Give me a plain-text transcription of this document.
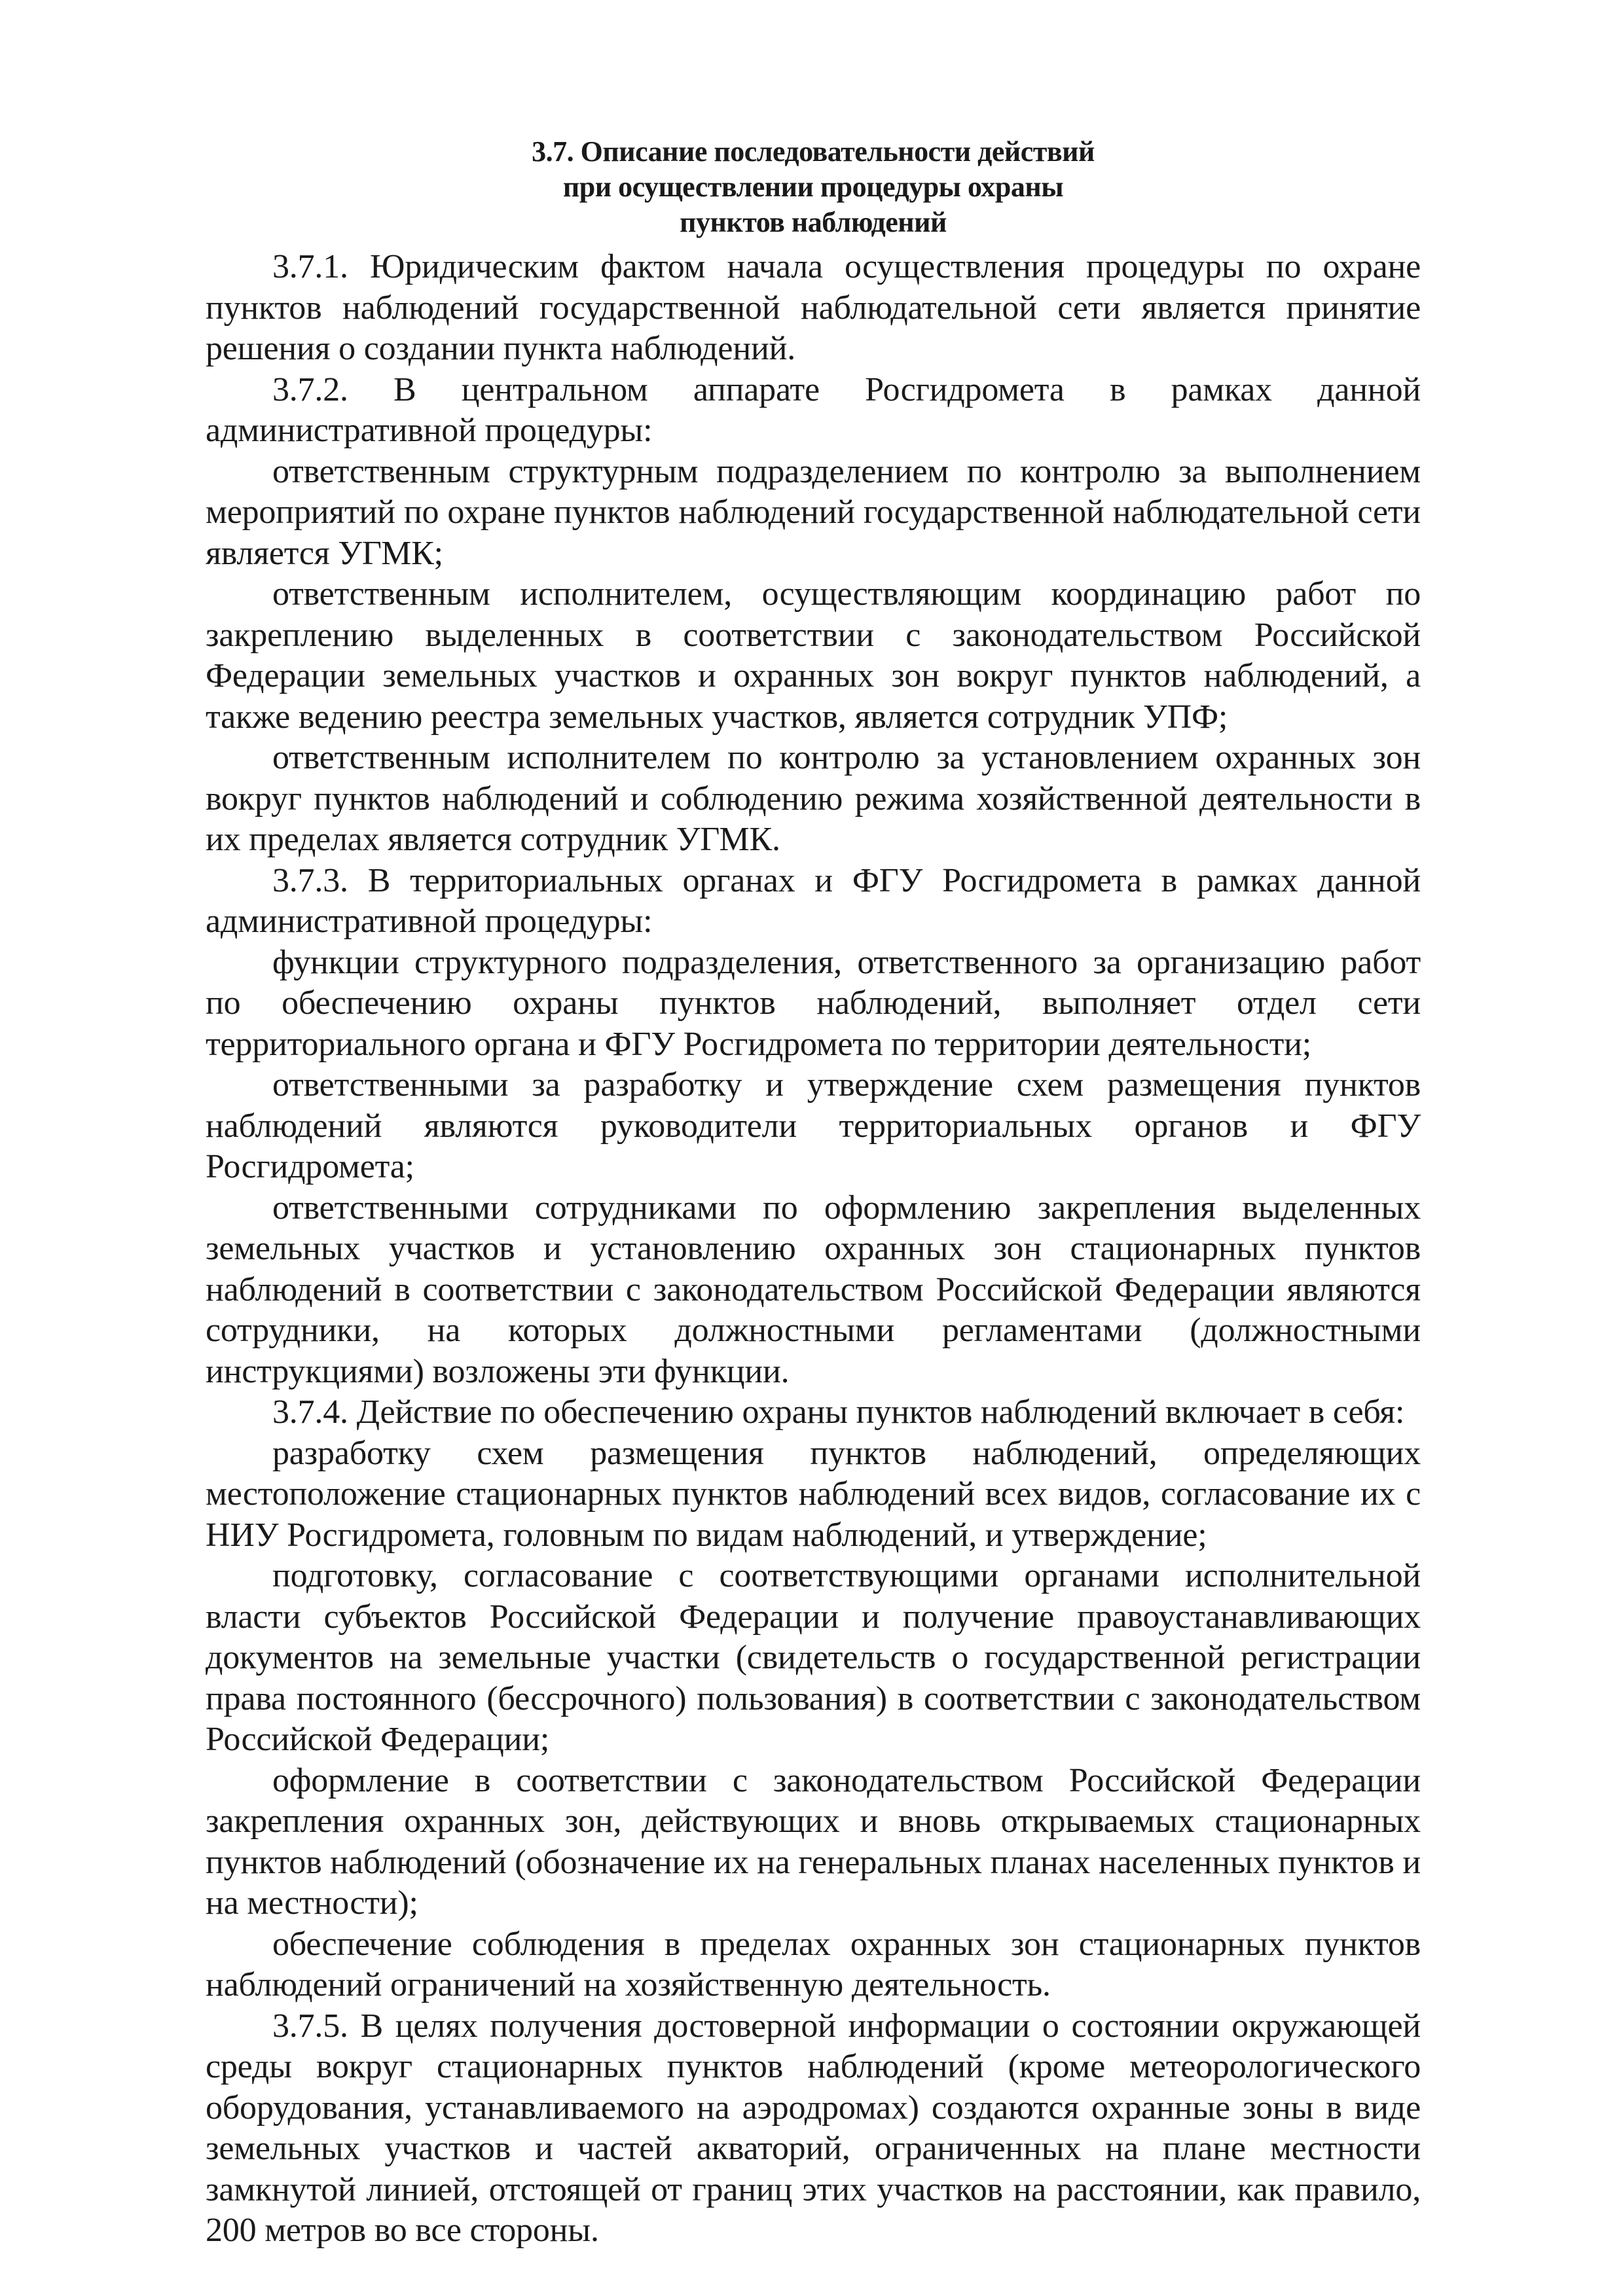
3.7. Описание последовательности действий
при осуществлении процедуры охраны
пунктов наблюдений

3.7.1. Юридическим фактом начала осуществления процедуры по охране пунктов наблюдений государственной наблюдательной сети является принятие решения о создании пункта наблюдений.

3.7.2. В центральном аппарате Росгидромета в рамках данной административной процедуры:

ответственным структурным подразделением по контролю за выполнением мероприятий по охране пунктов наблюдений государственной наблюдательной сети является УГМК;

ответственным исполнителем, осуществляющим координацию работ по закреплению выделенных в соответствии с законодательством Российской Федерации земельных участков и охранных зон вокруг пунктов наблюдений, а также ведению реестра земельных участков, является сотрудник УПФ;

ответственным исполнителем по контролю за установлением охранных зон вокруг пунктов наблюдений и соблюдению режима хозяйственной деятельности в их пределах является сотрудник УГМК.

3.7.3. В территориальных органах и ФГУ Росгидромета в рамках данной административной процедуры:

функции структурного подразделения, ответственного за организацию работ по обеспечению охраны пунктов наблюдений, выполняет отдел сети территориального органа и ФГУ Росгидромета по территории деятельности;

ответственными за разработку и утверждение схем размещения пунктов наблюдений являются руководители территориальных органов и ФГУ Росгидромета;

ответственными сотрудниками по оформлению закрепления выделенных земельных участков и установлению охранных зон стационарных пунктов наблюдений в соответствии с законодательством Российской Федерации являются сотрудники, на которых должностными регламентами (должностными инструкциями) возложены эти функции.

3.7.4. Действие по обеспечению охраны пунктов наблюдений включает в себя:

разработку схем размещения пунктов наблюдений, определяющих местоположение стационарных пунктов наблюдений всех видов, согласование их с НИУ Росгидромета, головным по видам наблюдений, и утверждение;

подготовку, согласование с соответствующими органами исполнительной власти субъектов Российской Федерации и получение правоустанавливающих документов на земельные участки (свидетельств о государственной регистрации права постоянного (бессрочного) пользования) в соответствии с законодательством Российской Федерации;

оформление в соответствии с законодательством Российской Федерации закрепления охранных зон, действующих и вновь открываемых стационарных пунктов наблюдений (обозначение их на генеральных планах населенных пунктов и на местности);

обеспечение соблюдения в пределах охранных зон стационарных пунктов наблюдений ограничений на хозяйственную деятельность.

3.7.5. В целях получения достоверной информации о состоянии окружающей среды вокруг стационарных пунктов наблюдений (кроме метеорологического оборудования, устанавливаемого на аэродромах) создаются охранные зоны в виде земельных участков и частей акваторий, ограниченных на плане местности замкнутой линией, отстоящей от границ этих участков на расстоянии, как правило, 200 метров во все стороны.
